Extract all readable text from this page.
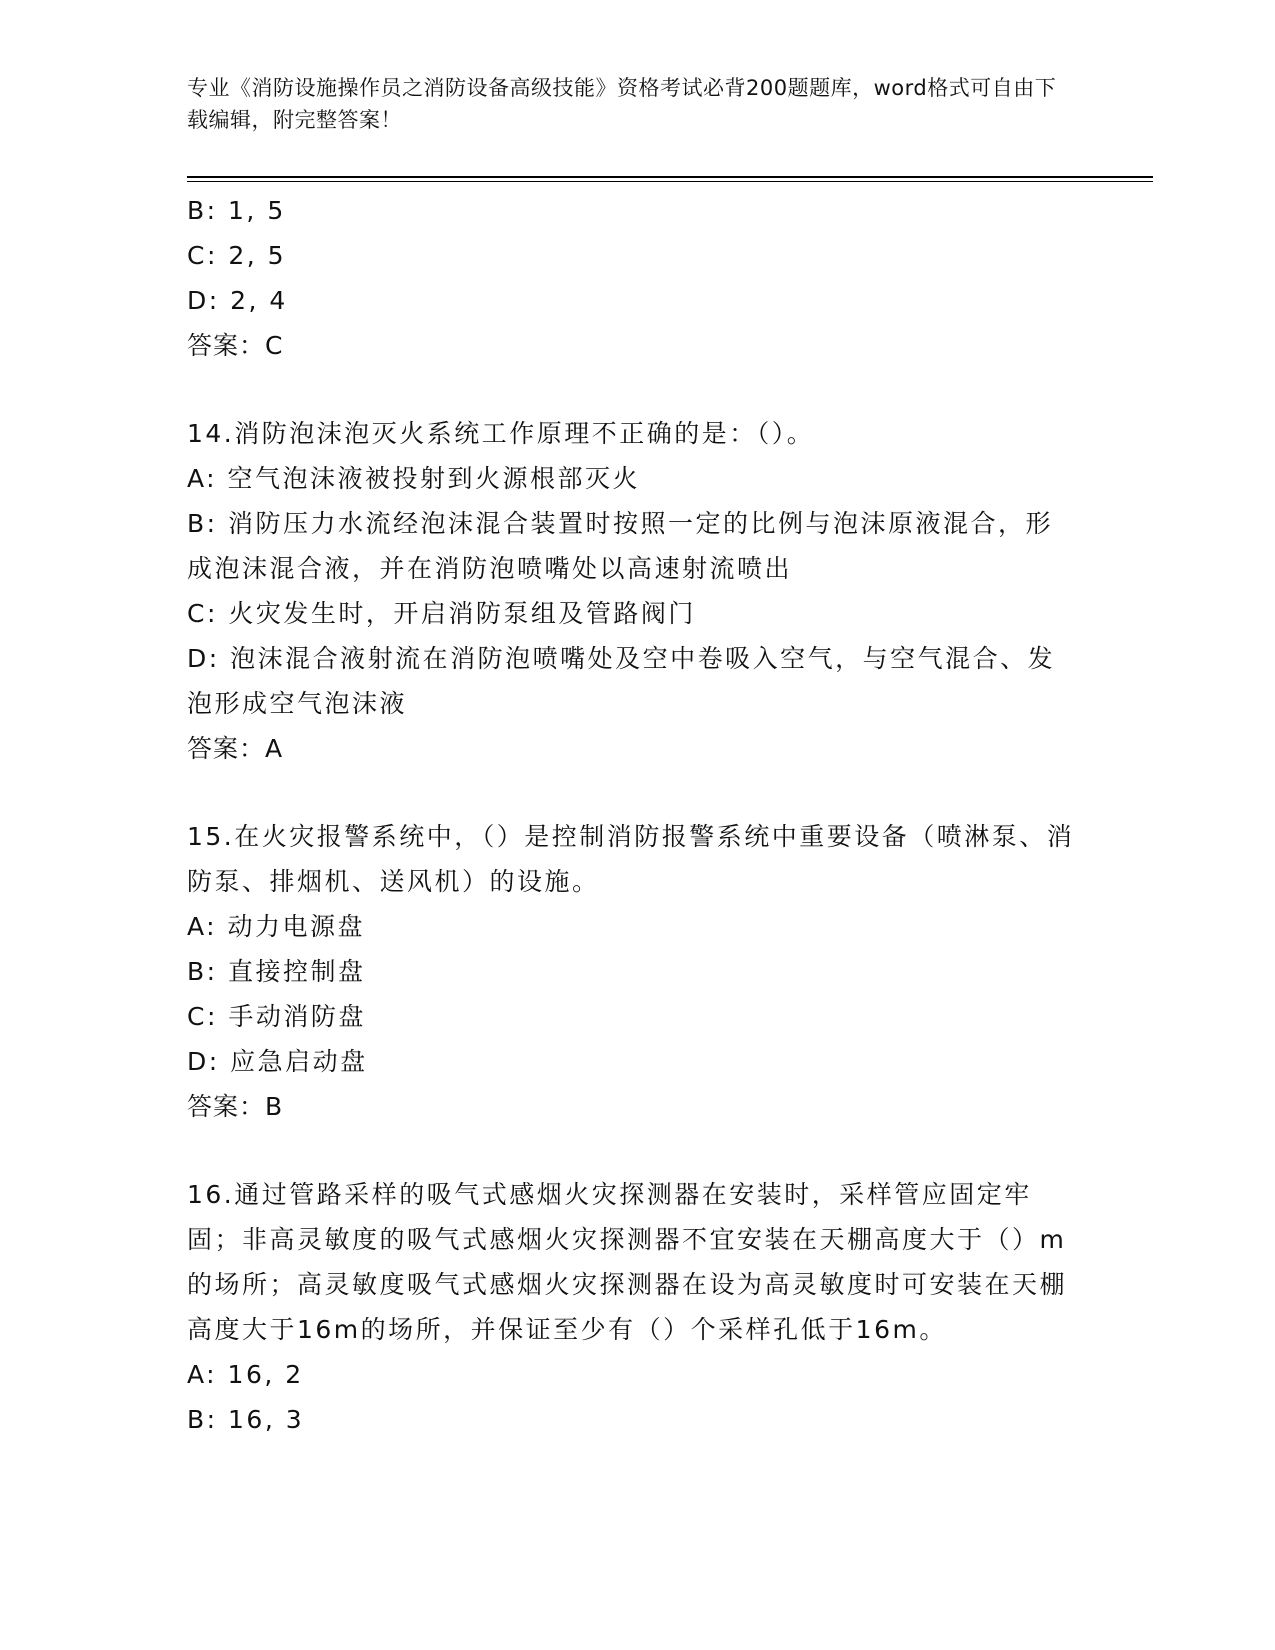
专业《消防设施操作员之消防设备高级技能》资格考试必背200题题库，word格式可自由下载编辑，附完整答案！
B: 1, 5
C: 2, 5
D: 2, 4
答案：C
14.消防泡沫泡灭火系统工作原理不正确的是：（）。
A: 空气泡沫液被投射到火源根部灭火
B: 消防压力水流经泡沫混合装置时按照一定的比例与泡沫原液混合，形成泡沫混合液，并在消防泡喷嘴处以高速射流喷出
C: 火灾发生时，开启消防泵组及管路阀门
D: 泡沫混合液射流在消防泡喷嘴处及空中卷吸入空气，与空气混合、发泡形成空气泡沫液
答案：A
15.在火灾报警系统中，（）是控制消防报警系统中重要设备（喷淋泵、消防泵、排烟机、送风机）的设施。
A: 动力电源盘
B: 直接控制盘
C: 手动消防盘
D: 应急启动盘
答案：B
16.通过管路采样的吸气式感烟火灾探测器在安装时，采样管应固定牢固；非高灵敏度的吸气式感烟火灾探测器不宜安装在天棚高度大于（）m的场所；高灵敏度吸气式感烟火灾探测器在设为高灵敏度时可安装在天棚高度大于16m的场所，并保证至少有（）个采样孔低于16m。
A: 16, 2
B: 16, 3
